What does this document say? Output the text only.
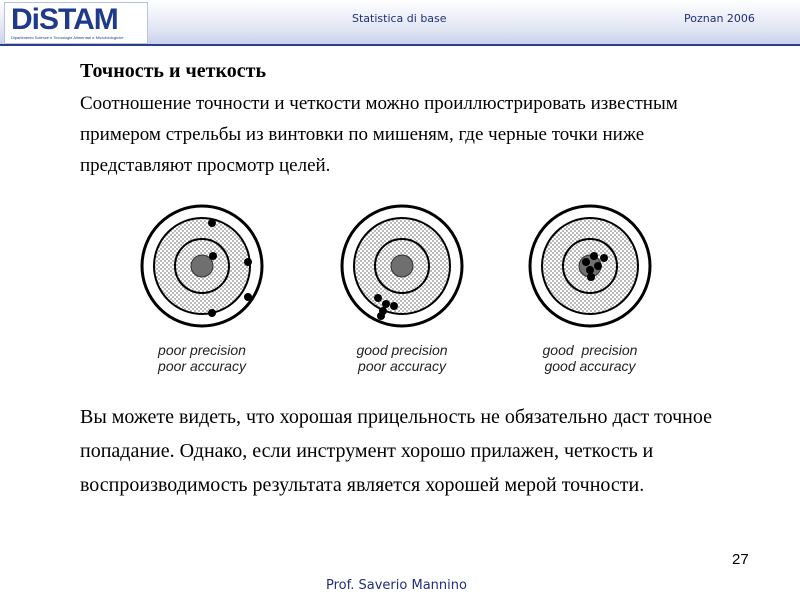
DiSTAM
Dipartimento Scienze e Tecnologie Alimentari e Microbiologiche
Statistica di base	Poznan 2006
Точность и четкость
Соотношение точности и четкости можно проиллюстрировать известным примером стрельбы из винтовки по мишеням, где черные точки ниже представляют просмотр целей.
poor precision
poor accuracy
good precision
poor accuracy
good  precision
good accuracy
Вы можете видеть, что хорошая прицельность не обязательно даст точное попадание. Однако, если инструмент хорошо прилажен, четкость и воспроизводимость результата является хорошей мерой точности.
27
Prof. Saverio Mannino
